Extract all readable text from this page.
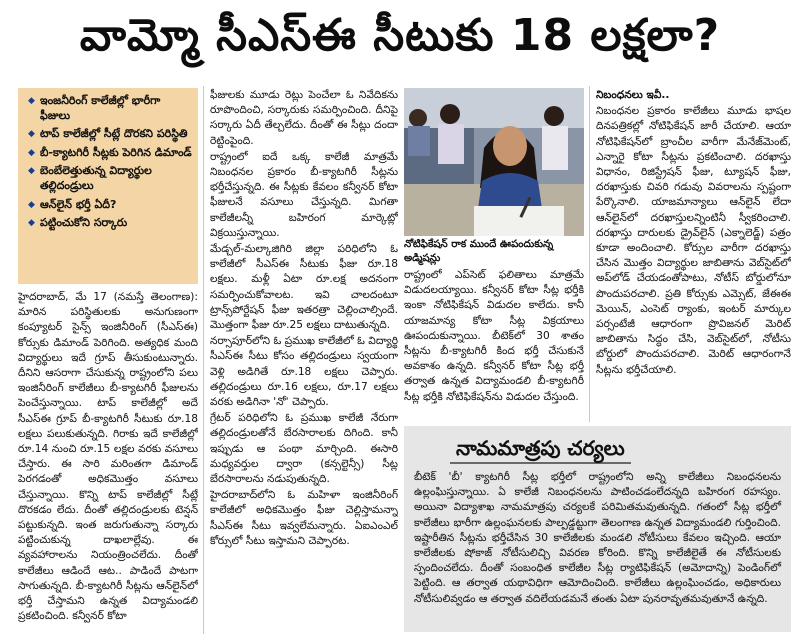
వామ్మో సీఎస్ఈ సీటుకు 18 లక్షలా?
◆ ఇంజనీరింగ్ కాలేజీల్లో భారీగా ఫీజులు
◆ టాప్ కాలేజీల్లో సీట్లే దొరకని పరిస్థితి
◆ బీ-క్యాటగిరీ సీట్లకు పెరిగిన డిమాండ్
◆ బెంబేలెత్తుతున్న విద్యార్థుల తల్లిదండ్రులు
◆ ఆన్‌లైన్ భర్తీ ఏదీ?
◆ పట్టించుకోని సర్కారు

హైదరాబాద్, మే 17 (నమస్తే తెలంగాణ): మారిన పరిస్థితులకు అనుగుణంగా కంప్యూటర్ సైన్స్ ఇంజినీరింగ్ (సీఎస్ఈ) కోర్సుకు డిమాండ్ పెరిగింది. అత్యధిక మంది విద్యార్థులు ఇదే గ్రూప్ తీసుకుంటున్నారు. దీనిని ఆసరాగా చేసుకున్న రాష్ట్రంలోని పలు ఇంజినీరింగ్ కాలేజీలు బీ-క్యాటగిరీ ఫీజులను పెంచేస్తున్నాయి. టాప్ కాలేజీల్లో అదే సీఎస్ఈ గ్రూప్ బీ-క్యాటగిరీ సీటుకు రూ.18 లక్షలు పలుకుతున్నది. గిరాకు ఇదే కాలేజీల్లో రూ.14 నుంచి రూ.15 లక్షల వరకు వసూలు చేస్తారు. ఈ సారి మరింతగా డిమాండ్ పెరగడంతో అధికమొత్తం వసూలు చేస్తున్నాయి. కొన్ని టాప్ కాలేజీల్లో సీట్లే దొరకడం లేదు. దీంతో తల్లిదండ్రులకు టెన్షన్ పట్టుకున్నది. ఇంత జరుగుతున్నా సర్కారు పట్టించుకున్న దాఖలాల్లేవు. ఈ వ్యవహారాలను నియంత్రించలేదు. దీంతో కాలేజీలు ఆడిందే ఆట.. పాడిందే పాటగా సాగుతున్నది. బీ-క్యాటగిరీ సీట్లను ఆన్‌లైన్‌లో భర్తీ చేస్తామని ఉన్నత విద్యామండలి ప్రకటించింది. కన్వీనర్ కోటా

ఫీజులకు మూడు రెట్లు పెంచేలా ఓ నివేదికను రూపొందించి, సర్కారుకు సమర్పించింది. దీనిపై సర్కారు ఏదీ తేల్చలేదు. దీంతో ఈ సీట్లు దందా రెట్టింపైంది.

రాష్ట్రంలో ఐదే ఒక్క కాలేజీ మాత్రమే నిబంధనల ప్రకారం బీ-క్యాటగిరీ సీట్లను భర్తీచేస్తున్నది. ఈ సీట్లకు కేవలం కన్వీనర్ కోటా ఫీజులనే వసూలు చేస్తున్నది. మిగతా కాలేజీలన్నీ బహిరంగ మార్కెట్లో విక్రయిస్తున్నాయి.

మేడ్చల్-మల్కాజిగిరి జిల్లా పరిధిలోని ఓ కాలేజీలో సీఎస్ఈ సీటుకు ఫీజు రూ.18 లక్షలు. మళ్లీ ఏటా రూ.లక్ష అదనంగా సమర్పించుకోవాలట. ఇవి చాలదంటూ ట్రాన్స్‌పోర్టేషన్ ఫీజు ఇతరత్రా చెల్లించాల్సిందే. మొత్తంగా ఫీజు రూ.25 లక్షలు దాటుతున్నది.

నర్సాపూర్‌లోని ఓ ప్రముఖ కాలేజీలో ఓ విద్యార్థి సీఎస్ఈ సీటు కోసం తల్లిదండ్రులు స్వయంగా వెళ్లి అడిగితే రూ.18 లక్షలు చెప్పారు. తల్లిదండ్రులు రూ.16 లక్షలు, రూ.17 లక్షలు వరకు అడిగినా 'నో' చెప్పారు.

గ్రేటర్ పరిధిలోని ఓ ప్రముఖ కాలేజీ నేరుగా తల్లిదండ్రులతోనే బేరసారాలకు దిగింది. కానీ ఇప్పుడు ఆ పంథా మార్చింది. ఈసారి మధ్యవర్తుల ద్వారా (కన్సల్టెన్సీ) సీట్ల బేరసారాలను నడుపుతున్నది.

హైదరాబాద్‌లోని ఓ మహిళా ఇంజినీరింగ్ కాలేజీలో అధికమొత్తం ఫీజు చెల్లిస్తామన్నా సీఎస్ఈ సీటు ఇవ్వలేమన్నారు. ఏఐఎంఎల్ కోర్సులో సీటు ఇస్తామని చెప్పారట.

నోటిఫికేషన్ రాక ముందే ఊపందుకున్న అడ్మిషన్లు

రాష్ట్రంలో ఎప్‌సెట్ ఫలితాలు మాత్రమే విడుదలయ్యాయి. కన్వీనర్ కోటా సీట్ల భర్తీకి ఇంకా నోటిఫికేషన్ విడుదల కాలేదు. కానీ యాజమాన్య కోటా సీట్ల విక్రయాలు ఊపందుకున్నాయి. బీటెక్‌లో 30 శాతం సీట్లను బీ-క్యాటగిరీ కింద భర్తీ చేసుకునే అవకాశం ఉన్నది. కన్వీనర్ కోటా సీట్ల భర్తీ తర్వాత ఉన్నత విద్యామండలి బీ-క్యాటగిరీ సీట్ల భర్తీకి నోటిఫికేషన్‌ను విడుదల చేస్తుంది.

నిబంధనలు ఇవీ..

నిబంధనల ప్రకారం కాలేజీలు మూడు భాషల దినపత్రికల్లో నోటిఫికేషన్ జారీ చేయాలి. ఆయా నోటిఫికేషన్‌లో బ్రాంచీల వారీగా మేనేజ్‌మెంట్, ఎన్నారై కోటా సీట్లను ప్రకటించాలి. దరఖాస్తు విధానం, రిజిస్ట్రేషన్ ఫీజు, ట్యూషన్ ఫీజు, దరఖాస్తుకు చివరి గడువు వివరాలను స్పష్టంగా పేర్కొనాలి. యాజమాన్యాలు ఆన్‌లైన్ లేదా ఆన్‌లైన్‌లో దరఖాస్తులన్నింటినీ స్వీకరించాలి. దరఖాస్తు దారులకు డ్రైవ్‌లైన్ (ఎక్నాలెడ్జ్) పత్రం కూడా అందించాలి. కోర్సుల వారీగా దరఖాస్తు చేసిన మొత్తం విద్యార్థుల జాబితాను వెబ్‌సైట్‌లో అప్‌లోడ్ చేయడంతోపాటు, నోటీస్ బోర్డులోనూ పొందుపరచాలి. ప్రతి కోర్సుకు ఎమ్సెట్, జేఈఈ మెయిన్, ఎంసెట్ ర్యాంకు, ఇంటర్ మార్కుల పర్సంటేజీ ఆధారంగా ప్రొవిజనల్ మెరిట్ జాబితాను సిద్ధం చేసి, వెబ్‌సైట్‌లో, నోటీసు బోర్డులో పొందుపరచాలి. మెరిట్ ఆధారంగానే సీట్లను భర్తీచేయాలి.

నామమాత్రపు చర్యలు
బీటెక్ 'బీ' క్యాటగిరీ సీట్ల భర్తీలో రాష్ట్రంలోని అన్ని కాలేజీలు నిబంధనలను ఉల్లంఘిస్తున్నాయి. ఏ కాలేజీ నిబంధనలను పాటించడంలేదన్నది బహిరంగ రహస్యం. అయినా విద్యాశాఖ నామమాత్రపు చర్యలకే పరిమితమవుతున్నది. గతంలో సీట్ల భర్తీలో కాలేజీలు భారీగా ఉల్లంఘనలకు పాల్పడ్డట్టుగా తెలంగాణ ఉన్నత విద్యామండలి గుర్తించింది. ఇష్టారీతిన సీట్లను భర్తీచేసిన 30 కాలేజీలకు మండలి నోటీసులు కేవలం ఇచ్చింది. ఆయా కాలేజీలకు షోకాజ్ నోటీసులిచ్చి వివరణ కోరింది. కొన్ని కాలేజీలైతే ఈ నోటీసులకు స్పందించలేదు. దీంతో సంబంధిత కాలేజీల సీట్ల ర్యాటిఫికేషన్ (అమోదాన్ని) పెండింగ్‌లో పెట్టింది. ఆ తర్వాత యథావిధిగా ఆమోదించింది. కాలేజీలు ఉల్లంఘించడం, అధికారులు నోటీసులివ్వడం ఆ తర్వాత వదిలేయడమనే తంతు ఏటా పునరావృతమవుతూనే ఉన్నది.
